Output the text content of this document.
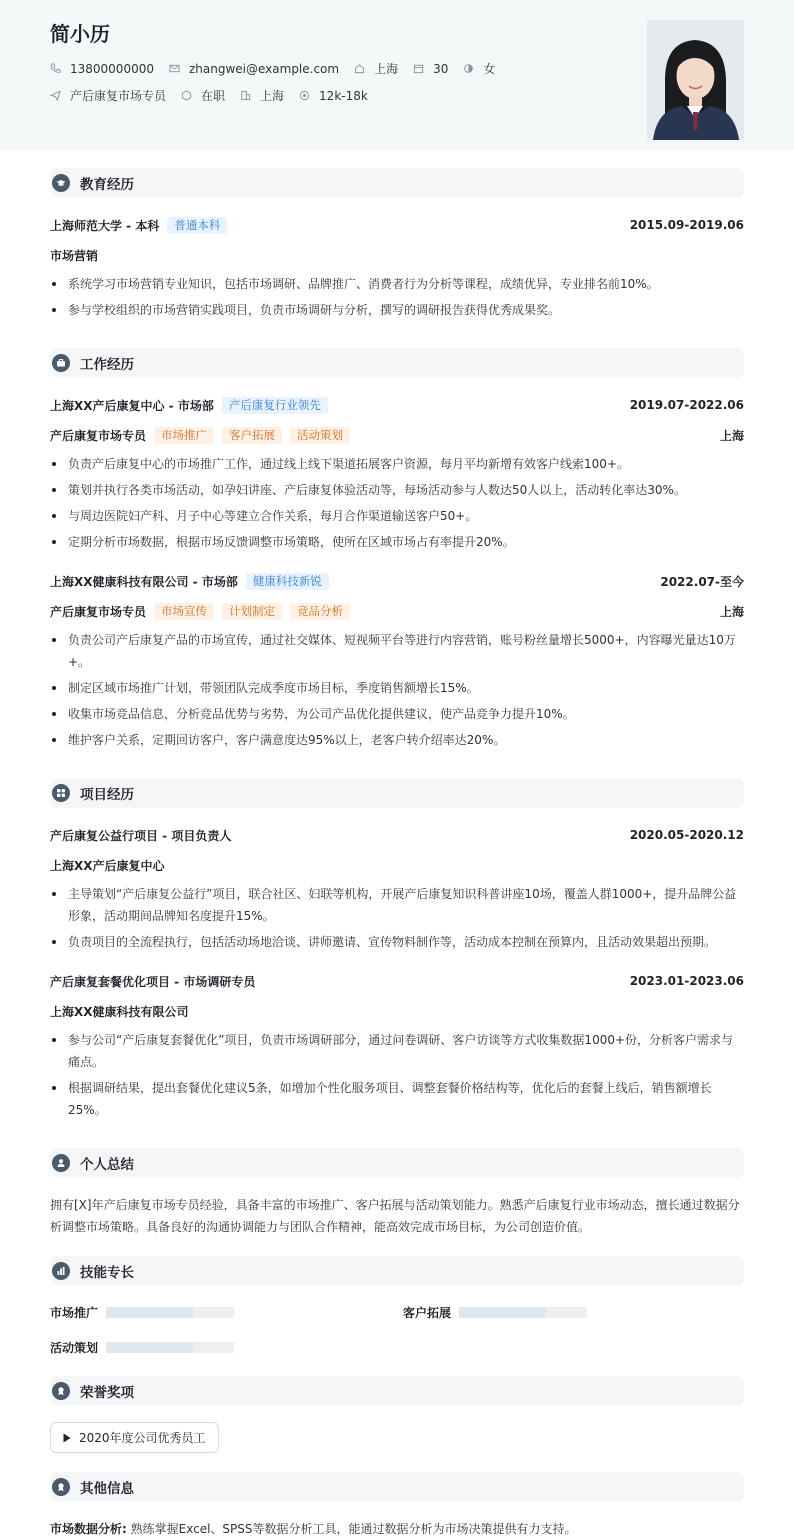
简小历
13800000000	zhangwei@example.com	上海	30	女
产后康复市场专员	在职	上海	12k-18k
教育经历
上海师范大学 - 本科	普通本科	2015.09-2019.06
市场营销
系统学习市场营销专业知识，包括市场调研、品牌推广、消费者行为分析等课程，成绩优异，专业排名前10%。
参与学校组织的市场营销实践项目，负责市场调研与分析，撰写的调研报告获得优秀成果奖。
工作经历
上海XX产后康复中心 - 市场部	产后康复行业领先	2019.07-2022.06
产后康复市场专员	市场推广	客户拓展	活动策划	上海
负责产后康复中心的市场推广工作，通过线上线下渠道拓展客户资源，每月平均新增有效客户线索100+。
策划并执行各类市场活动，如孕妇讲座、产后康复体验活动等，每场活动参与人数达50人以上，活动转化率达30%。
与周边医院妇产科、月子中心等建立合作关系，每月合作渠道输送客户50+。
定期分析市场数据，根据市场反馈调整市场策略，使所在区域市场占有率提升20%。
上海XX健康科技有限公司 - 市场部	健康科技新锐	2022.07-至今
产后康复市场专员	市场宣传	计划制定	竞品分析	上海
负责公司产后康复产品的市场宣传，通过社交媒体、短视频平台等进行内容营销，账号粉丝量增长5000+，内容曝光量达10万+。
制定区域市场推广计划，带领团队完成季度市场目标，季度销售额增长15%。
收集市场竞品信息，分析竞品优势与劣势，为公司产品优化提供建议，使产品竞争力提升10%。
维护客户关系，定期回访客户，客户满意度达95%以上，老客户转介绍率达20%。
项目经历
产后康复公益行项目 - 项目负责人	2020.05-2020.12
上海XX产后康复中心
主导策划“产后康复公益行”项目，联合社区、妇联等机构，开展产后康复知识科普讲座10场，覆盖人群1000+，提升品牌公益形象，活动期间品牌知名度提升15%。
负责项目的全流程执行，包括活动场地洽谈、讲师邀请、宣传物料制作等，活动成本控制在预算内，且活动效果超出预期。
产后康复套餐优化项目 - 市场调研专员	2023.01-2023.06
上海XX健康科技有限公司
参与公司“产后康复套餐优化”项目，负责市场调研部分，通过问卷调研、客户访谈等方式收集数据1000+份，分析客户需求与痛点。
根据调研结果，提出套餐优化建议5条，如增加个性化服务项目、调整套餐价格结构等，优化后的套餐上线后，销售额增长25%。
个人总结
拥有[X]年产后康复市场专员经验，具备丰富的市场推广、客户拓展与活动策划能力。熟悉产后康复行业市场动态，擅长通过数据分析调整市场策略。具备良好的沟通协调能力与团队合作精神，能高效完成市场目标，为公司创造价值。
技能专长
市场推广	客户拓展
活动策划
荣誉奖项
2020年度公司优秀员工
其他信息
市场数据分析: 熟练掌握Excel、SPSS等数据分析工具，能通过数据分析为市场决策提供有力支持。
